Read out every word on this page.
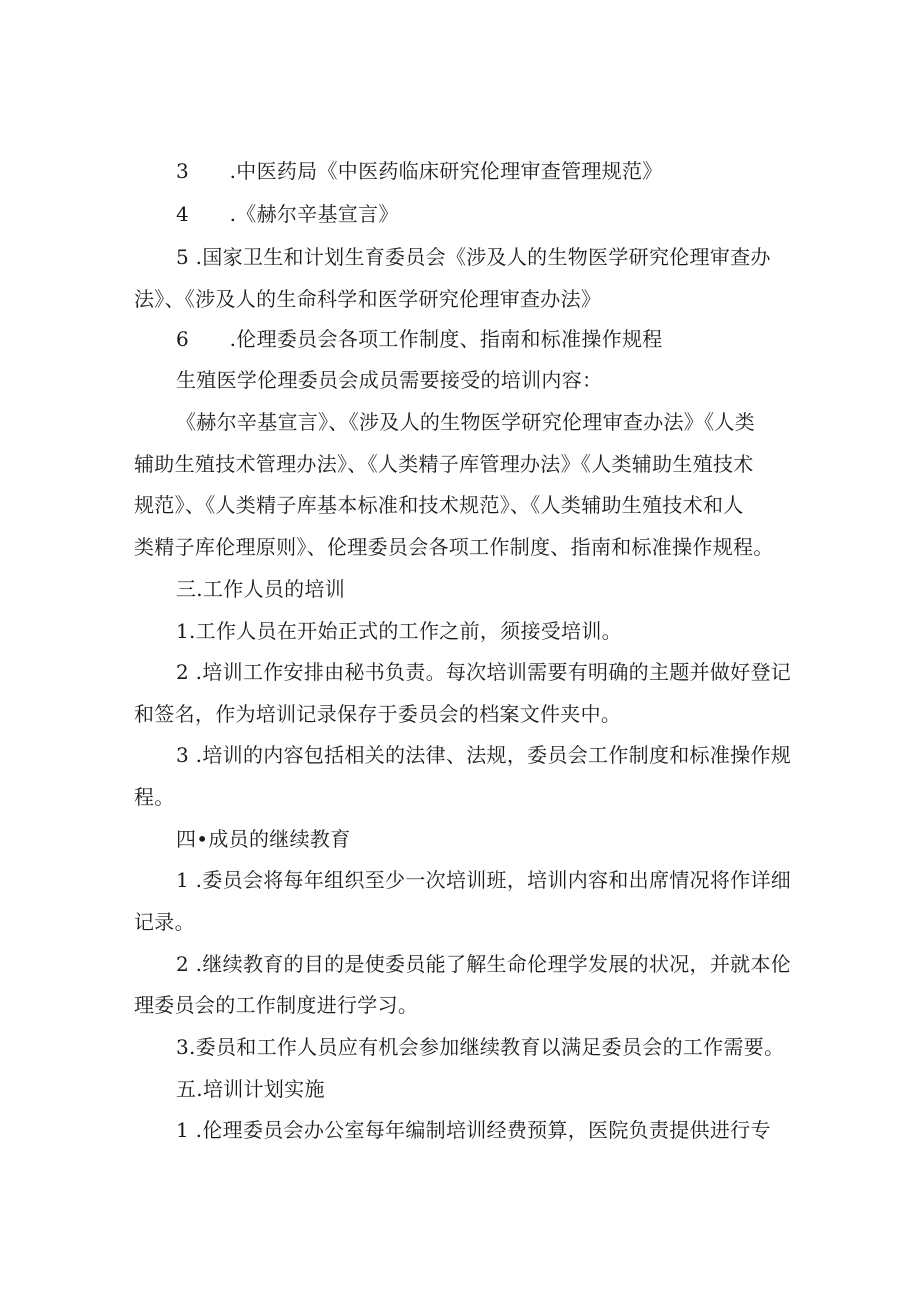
3　　.中医药局《中医药临床研究伦理审查管理规范》
4　　.《赫尔辛基宣言》
5 .国家卫生和计划生育委员会《涉及人的生物医学研究伦理审查办
法》、《涉及人的生命科学和医学研究伦理审查办法》
6　　.伦理委员会各项工作制度、指南和标准操作规程
生殖医学伦理委员会成员需要接受的培训内容：
《赫尔辛基宣言》、《涉及人的生物医学研究伦理审查办法》《人类
辅助生殖技术管理办法》、《人类精子库管理办法》《人类辅助生殖技术
规范》、《人类精子库基本标准和技术规范》、《人类辅助生殖技术和人
类精子库伦理原则》、伦理委员会各项工作制度、指南和标准操作规程。
三.工作人员的培训
1.工作人员在开始正式的工作之前，须接受培训。
2 .培训工作安排由秘书负责。每次培训需要有明确的主题并做好登记
和签名，作为培训记录保存于委员会的档案文件夹中。
3 .培训的内容包括相关的法律、法规，委员会工作制度和标准操作规
程。
四•成员的继续教育
1 .委员会将每年组织至少一次培训班，培训内容和出席情况将作详细
记录。
2 .继续教育的目的是使委员能了解生命伦理学发展的状况，并就本伦
理委员会的工作制度进行学习。
3.委员和工作人员应有机会参加继续教育以满足委员会的工作需要。
五.培训计划实施
1 .伦理委员会办公室每年编制培训经费预算，医院负责提供进行专
